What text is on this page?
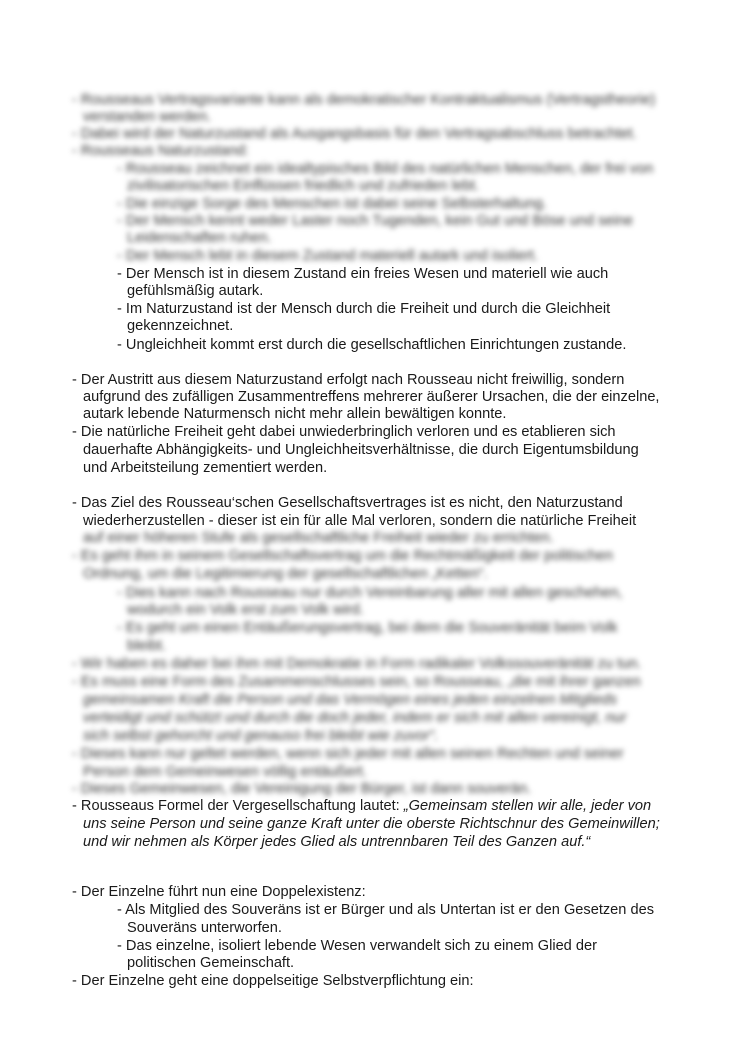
- Rousseaus Vertragsvariante kann als demokratischer Kontraktualismus (Vertragstheorie)
verstanden werden.
- Dabei wird der Naturzustand als Ausgangsbasis für den Vertragsabschluss betrachtet.
- Rousseaus Naturzustand:
- Rousseau zeichnet ein idealtypisches Bild des natürlichen Menschen, der frei von
zivilisatorischen Einflüssen friedlich und zufrieden lebt.
- Die einzige Sorge des Menschen ist dabei seine Selbsterhaltung.
- Der Mensch kennt weder Laster noch Tugenden, kein Gut und Böse und seine
Leidenschaften ruhen.
- Der Mensch lebt in diesem Zustand materiell autark und isoliert.
- Der Mensch ist in diesem Zustand ein freies Wesen und materiell wie auch
gefühlsmäßig autark.
- Im Naturzustand ist der Mensch durch die Freiheit und durch die Gleichheit
gekennzeichnet.
- Ungleichheit kommt erst durch die gesellschaftlichen Einrichtungen zustande.
- Der Austritt aus diesem Naturzustand erfolgt nach Rousseau nicht freiwillig, sondern
aufgrund des zufälligen Zusammentreffens mehrerer äußerer Ursachen, die der einzelne,
autark lebende Naturmensch nicht mehr allein bewältigen konnte.
- Die natürliche Freiheit geht dabei unwiederbringlich verloren und es etablieren sich
dauerhafte Abhängigkeits- und Ungleichheitsverhältnisse, die durch Eigentumsbildung
und Arbeitsteilung zementiert werden.
- Das Ziel des Rousseau‘schen Gesellschaftsvertrages ist es nicht, den Naturzustand
wiederherzustellen - dieser ist ein für alle Mal verloren, sondern die natürliche Freiheit
auf einer höheren Stufe als gesellschaftliche Freiheit wieder zu errichten.
- Es geht ihm in seinem Gesellschaftsvertrag um die Rechtmäßigkeit der politischen
Ordnung, um die Legitimierung der gesellschaftlichen „Ketten“.
- Dies kann nach Rousseau nur durch Vereinbarung aller mit allen geschehen,
wodurch ein Volk erst zum Volk wird.
- Es geht um einen Entäußerungsvertrag, bei dem die Souveränität beim Volk
bleibt.
- Wir haben es daher bei ihm mit Demokratie in Form radikaler Volkssouveränität zu tun.
- Es muss eine Form des Zusammenschlusses sein, so Rousseau, „die mit ihrer ganzen
gemeinsamen Kraft die Person und das Vermögen eines jeden einzelnen Mitglieds
verteidigt und schützt und durch die doch jeder, indem er sich mit allen vereinigt, nur
sich selbst gehorcht und genauso frei bleibt wie zuvor“.
- Dieses kann nur geltet werden, wenn sich jeder mit allen seinen Rechten und seiner
Person dem Gemeinwesen völlig entäußert.
- Dieses Gemeinwesen, die Vereinigung der Bürger, ist dann souverän.
- Rousseaus Formel der Vergesellschaftung lautet: „Gemeinsam stellen wir alle, jeder von
uns seine Person und seine ganze Kraft unter die oberste Richtschnur des Gemeinwillen;
und wir nehmen als Körper jedes Glied als untrennbaren Teil des Ganzen auf.“
- Der Einzelne führt nun eine Doppelexistenz:
- Als Mitglied des Souveräns ist er Bürger und als Untertan ist er den Gesetzen des
Souveräns unterworfen.
- Das einzelne, isoliert lebende Wesen verwandelt sich zu einem Glied der
politischen Gemeinschaft.
- Der Einzelne geht eine doppelseitige Selbstverpflichtung ein:
